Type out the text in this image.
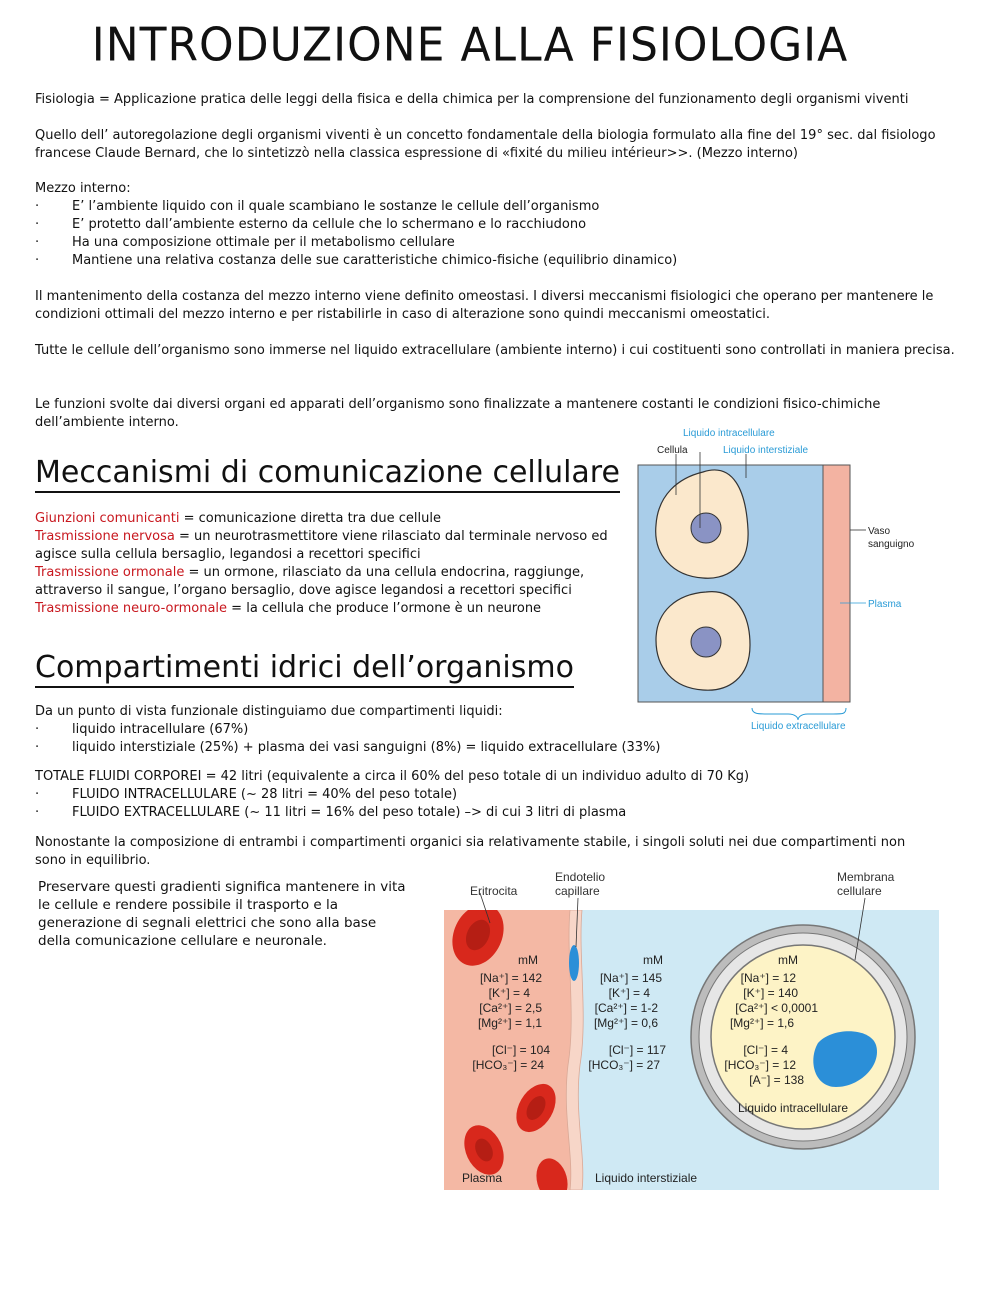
INTRODUZIONE ALLA FISIOLOGIA
Fisiologia = Applicazione pratica delle leggi della fisica e della chimica per la comprensione del funzionamento degli organismi viventi
Quello dell’ autoregolazione degli organismi viventi è un concetto fondamentale della biologia formulato alla fine del 19° sec. dal fisiologo francese Claude Bernard, che lo sintetizzò nella classica espressione di «fixité du milieu intérieur>>. (Mezzo interno)
Mezzo interno:
· E’ l’ambiente liquido con il quale scambiano le sostanze le cellule dell’organismo
· E’ protetto dall’ambiente esterno da cellule che lo schermano e lo racchiudono
· Ha una composizione ottimale per il metabolismo cellulare
· Mantiene una relativa costanza delle sue caratteristiche chimico-fisiche (equilibrio dinamico)
Il mantenimento della costanza del mezzo interno viene definito omeostasi. I diversi meccanismi fisiologici che operano per mantenere le condizioni ottimali del mezzo interno e per ristabilirle in caso di alterazione sono quindi meccanismi omeostatici.
Tutte le cellule dell’organismo sono immerse nel liquido extracellulare (ambiente interno) i cui costituenti sono controllati in maniera precisa.
Le funzioni svolte dai diversi organi ed apparati dell’organismo sono finalizzate a mantenere costanti le condizioni fisico-chimiche dell’ambiente interno.
Meccanismi di comunicazione cellulare
Giunzioni comunicanti = comunicazione diretta tra due cellule
Trasmissione nervosa = un neurotrasmettitore viene rilasciato dal terminale nervoso ed agisce sulla cellula bersaglio, legandosi a recettori specifici
Trasmissione ormonale = un ormone, rilasciato da una cellula endocrina, raggiunge, attraverso il sangue, l’organo bersaglio, dove agisce legandosi a recettori specifici
Trasmissione neuro-ormonale = la cellula che produce l’ormone è un neurone
Compartimenti idrici dell’organismo
Da un punto di vista funzionale distinguiamo due compartimenti liquidi:
· liquido intracellulare (67%)
· liquido interstiziale (25%) + plasma dei vasi sanguigni (8%) = liquido extracellulare (33%)
TOTALE FLUIDI CORPOREI = 42 litri (equivalente a circa il 60% del peso totale di un individuo adulto di 70 Kg)
· FLUIDO INTRACELLULARE (~ 28 litri = 40% del peso totale)
· FLUIDO EXTRACELLULARE (~ 11 litri = 16% del peso totale) –> di cui 3 litri di plasma
Nonostante la composizione di entrambi i compartimenti organici sia relativamente stabile, i singoli soluti nei due compartimenti non sono in equilibrio.
Preservare questi gradienti significa mantenere in vita le cellule e rendere possibile il trasporto e la generazione di segnali elettrici che sono alla base della comunicazione cellulare e neuronale.
Liquido intracellulare
Cellula	Liquido interstiziale
Vaso
sanguigno
Plasma
Liquido extracellulare
Eritrocita
Endotelio
capillare
Membrana
cellulare
mM
[Na⁺] = 142
[K⁺] = 4
[Ca²⁺] = 2,5
[Mg²⁺] = 1,1
[Cl⁻] = 104
[HCO₃⁻] = 24
mM
[Na⁺] = 145
[K⁺] = 4
[Ca²⁺] = 1-2
[Mg²⁺] = 0,6
[Cl⁻] = 117
[HCO₃⁻] = 27
mM
[Na⁺] = 12
[K⁺] = 140
[Ca²⁺] < 0,0001
[Mg²⁺] = 1,6
[Cl⁻] = 4
[HCO₃⁻] = 12
[A⁻] = 138
Liquido intracellulare
Plasma	Liquido interstiziale
